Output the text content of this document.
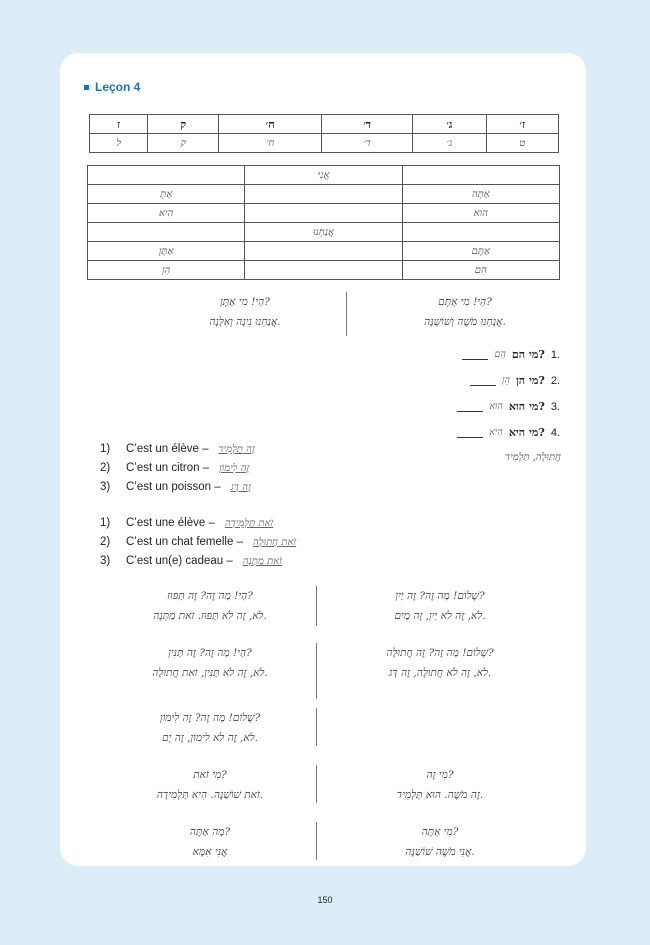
Leçon 4
ז	ק	ח׳	ד׳	ג׳	ז׳
ל	ק	ח׳	ד׳	ג׳	ט
	אֲנִי	
אַתְּ		אַתָּה
הִיא		הוּא
	אֲנַחְנוּ	
אַתֶּן		אַתֶּם
הֵן		הֵם
הַי! מִי אַתֶּם?
אֲנַחְנוּ מֹשֶׁה וְשׁוֹשַׁנָּה.
הַי! מִי אַתֶּן?
אֲנַחְנוּ נִינָה וְאִלָּנָה.
הֵם מי הם? 1.
הֵן מי הן? 2.
הוּא מי הוא? 3.
הִיא מי היא? 4.
חֲתוּלָה, תַּלְמִיד
1)	C’est un élève – זֶה תַּלְמִיד
2)	C’est un citron – זֶה לִימוֹן
3)	C’est un poisson – זֶה דָּג
1)	C’est une élève – זֹאת תַּלְמִידָה
2)	C’est un chat femelle – זֹאת חֲתוּלָה
3)	C’est un(e) cadeau – זֹאת מַתָּנָה
שָׁלוֹם! מַה זֶה? זֶה יַיִן?
לֹא, זֶה לֹא יַיִן, זֶה מַיִם.
הַי! מַה זֶה? זֶה תַּפּוּז?
לֹא, זֶה לֹא תַּפּוּז. זֹאת מַתָּנָה.
שָׁלוֹם! מַה זֶה? זֶה חֲתוּלָה?
לֹא, זֶה לֹא חֲתוּלָה, זֶה דָּג.
הַי! מַה זֶה? זֶה תַּנִּין?
לֹא, זֶה לֹא תַּנִּין, זֹאת חֲתוּלָה.
שָׁלוֹם! מַה זֶה? זֶה לִימוֹן?
לֹא, זֶה לֹא לִימוֹן, זֶה יָם.
מִי זֶה?
זֶה מֹשֶׁה. הוּא תַּלְמִיד.
מִי זֹאת?
זֹאת שׁוֹשַׁנָּה. הִיא תַּלְמִידָה.
מִי אַתָּה?
אֲנִי מֹשֶׁה שׁוֹשַׁנָּה.
מָה אַתָּה?
אֲנִי אִמָּא
150
